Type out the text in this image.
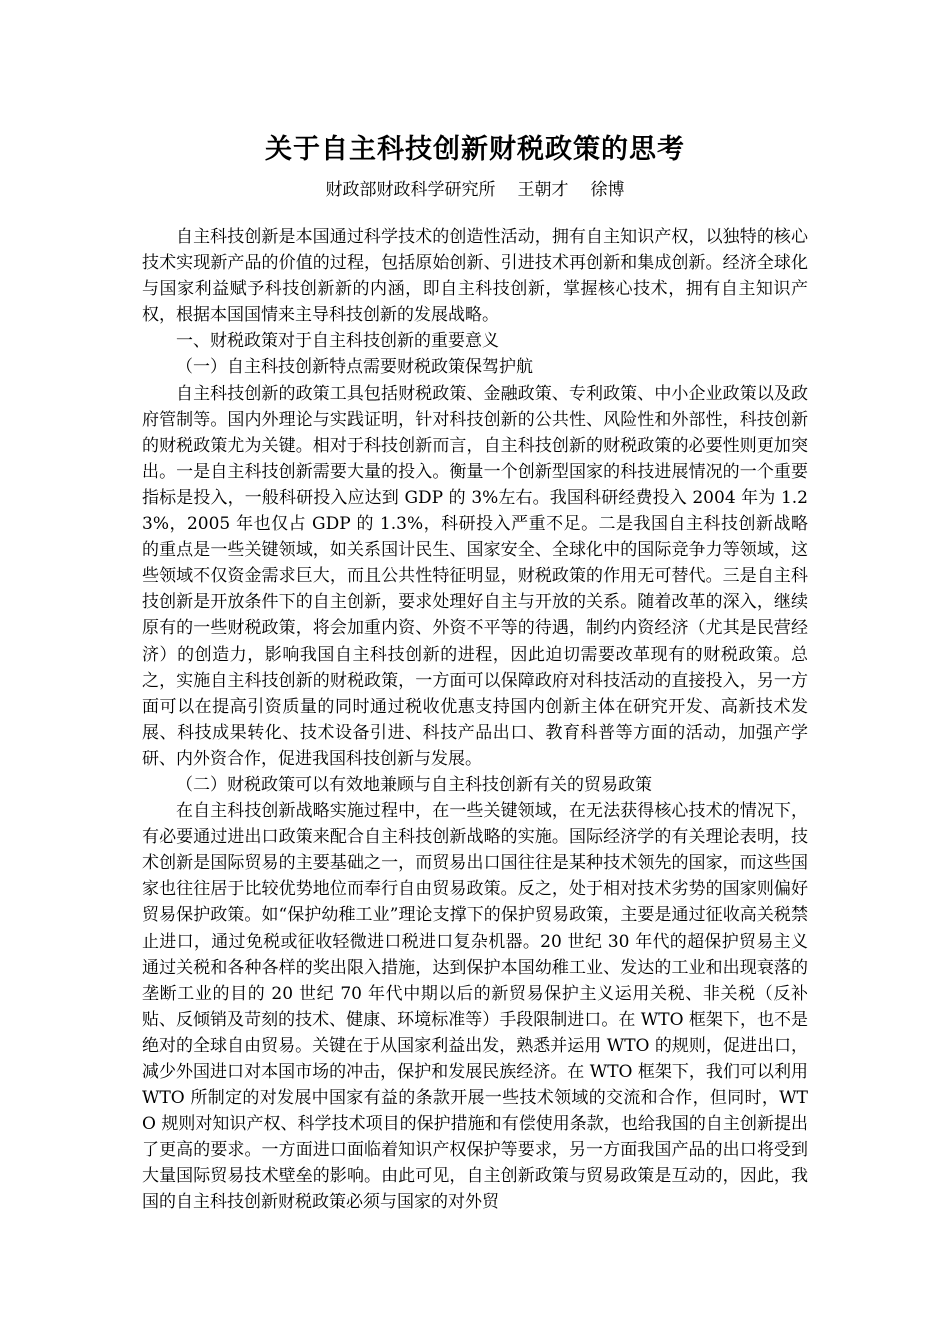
关于自主科技创新财税政策的思考
财政部财政科学研究所 王朝才 徐博

自主科技创新是本国通过科学技术的创造性活动，拥有自主知识产权，以独特的核心技术实现新产品的价值的过程，包括原始创新、引进技术再创新和集成创新。经济全球化与国家利益赋予科技创新新的内涵，即自主科技创新，掌握核心技术，拥有自主知识产权，根据本国国情来主导科技创新的发展战略。

一、财税政策对于自主科技创新的重要意义

（一）自主科技创新特点需要财税政策保驾护航

自主科技创新的政策工具包括财税政策、金融政策、专利政策、中小企业政策以及政府管制等。国内外理论与实践证明，针对科技创新的公共性、风险性和外部性，科技创新的财税政策尤为关键。相对于科技创新而言，自主科技创新的财税政策的必要性则更加突出。一是自主科技创新需要大量的投入。衡量一个创新型国家的科技进展情况的一个重要指标是投入，一般科研投入应达到 GDP 的 3%左右。我国科研经费投入 2004 年为 1.23%，2005 年也仅占 GDP 的 1.3%，科研投入严重不足。二是我国自主科技创新战略的重点是一些关键领域，如关系国计民生、国家安全、全球化中的国际竞争力等领域，这些领域不仅资金需求巨大，而且公共性特征明显，财税政策的作用无可替代。三是自主科技创新是开放条件下的自主创新，要求处理好自主与开放的关系。随着改革的深入，继续原有的一些财税政策，将会加重内资、外资不平等的待遇，制约内资经济（尤其是民营经济）的创造力，影响我国自主科技创新的进程，因此迫切需要改革现有的财税政策。总之，实施自主科技创新的财税政策，一方面可以保障政府对科技活动的直接投入，另一方面可以在提高引资质量的同时通过税收优惠支持国内创新主体在研究开发、高新技术发展、科技成果转化、技术设备引进、科技产品出口、教育科普等方面的活动，加强产学研、内外资合作，促进我国科技创新与发展。

（二）财税政策可以有效地兼顾与自主科技创新有关的贸易政策

在自主科技创新战略实施过程中，在一些关键领域，在无法获得核心技术的情况下，有必要通过进出口政策来配合自主科技创新战略的实施。国际经济学的有关理论表明，技术创新是国际贸易的主要基础之一，而贸易出口国往往是某种技术领先的国家，而这些国家也往往居于比较优势地位而奉行自由贸易政策。反之，处于相对技术劣势的国家则偏好贸易保护政策。如“保护幼稚工业”理论支撑下的保护贸易政策，主要是通过征收高关税禁止进口，通过免税或征收轻微进口税进口复杂机器。20 世纪 30 年代的超保护贸易主义通过关税和各种各样的奖出限入措施，达到保护本国幼稚工业、发达的工业和出现衰落的垄断工业的目的 20 世纪 70 年代中期以后的新贸易保护主义运用关税、非关税（反补贴、反倾销及苛刻的技术、健康、环境标准等）手段限制进口。在 WTO 框架下，也不是绝对的全球自由贸易。关键在于从国家利益出发，熟悉并运用 WTO 的规则，促进出口，减少外国进口对本国市场的冲击，保护和发展民族经济。在 WTO 框架下，我们可以利用 WTO 所制定的对发展中国家有益的条款开展一些技术领域的交流和合作，但同时，WTO 规则对知识产权、科学技术项目的保护措施和有偿使用条款，也给我国的自主创新提出了更高的要求。一方面进口面临着知识产权保护等要求，另一方面我国产品的出口将受到大量国际贸易技术壁垒的影响。由此可见，自主创新政策与贸易政策是互动的，因此，我国的自主科技创新财税政策必须与国家的对外贸
